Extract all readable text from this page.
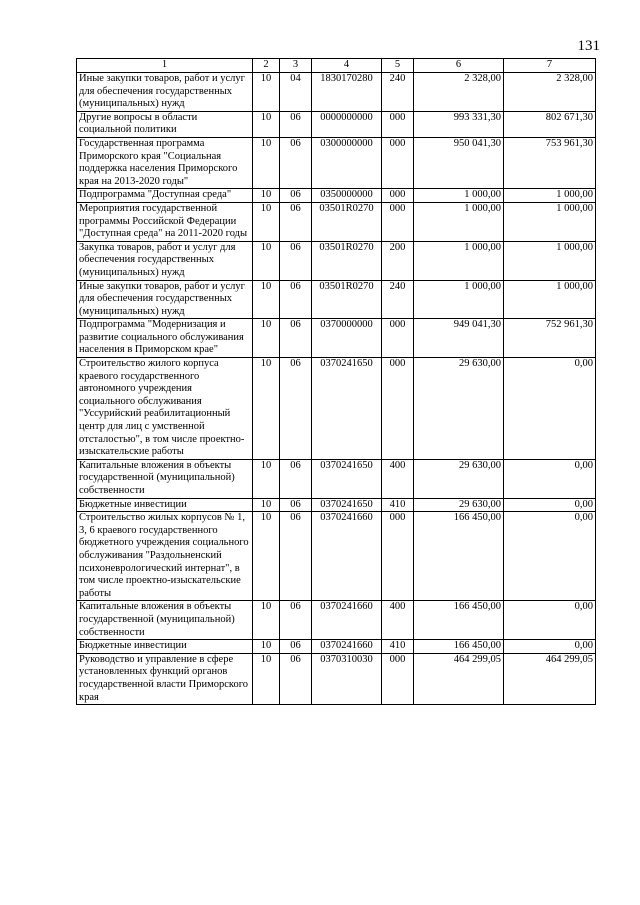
131
1	2	3	4	5	6	7
Иные закупки товаров, работ и услуг для обеспечения государственных (муниципальных) нужд	10	04	1830170280	240	2 328,00	2 328,00
Другие вопросы в области социальной политики	10	06	0000000000	000	993 331,30	802 671,30
Государственная программа Приморского края "Социальная поддержка населения Приморского края на 2013-2020 годы"	10	06	0300000000	000	950 041,30	753 961,30
Подпрограмма "Доступная среда"	10	06	0350000000	000	1 000,00	1 000,00
Мероприятия государственной программы Российской Федерации "Доступная среда" на 2011-2020 годы	10	06	03501R0270	000	1 000,00	1 000,00
Закупка товаров, работ и услуг для обеспечения государственных (муниципальных) нужд	10	06	03501R0270	200	1 000,00	1 000,00
Иные закупки товаров, работ и услуг для обеспечения государственных (муниципальных) нужд	10	06	03501R0270	240	1 000,00	1 000,00
Подпрограмма "Модернизация и развитие социального обслуживания населения в Приморском крае"	10	06	0370000000	000	949 041,30	752 961,30
Строительство жилого корпуса краевого государственного автономного учреждения социального обслуживания "Уссурийский реабилитационный центр для лиц с умственной отсталостью", в том числе проектно-изыскательские работы	10	06	0370241650	000	29 630,00	0,00
Капитальные вложения в объекты государственной (муниципальной) собственности	10	06	0370241650	400	29 630,00	0,00
Бюджетные инвестиции	10	06	0370241650	410	29 630,00	0,00
Строительство жилых корпусов № 1, 3, 6 краевого государственного бюджетного учреждения социального обслуживания "Раздольненский психоневрологический интернат", в том числе проектно-изыскательские работы	10	06	0370241660	000	166 450,00	0,00
Капитальные вложения в объекты государственной (муниципальной) собственности	10	06	0370241660	400	166 450,00	0,00
Бюджетные инвестиции	10	06	0370241660	410	166 450,00	0,00
Руководство и управление в сфере установленных функций органов государственной власти Приморского края	10	06	0370310030	000	464 299,05	464 299,05
